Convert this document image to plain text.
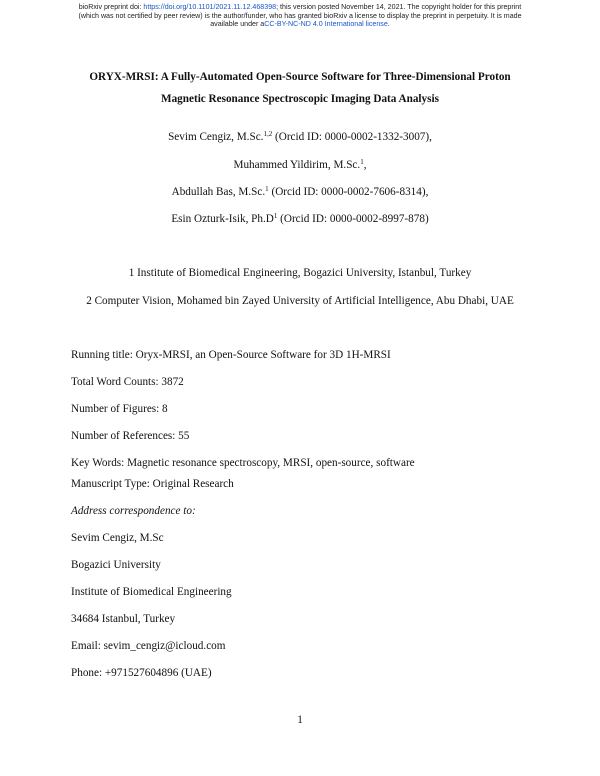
bioRxiv preprint doi: https://doi.org/10.1101/2021.11.12.468398; this version posted November 14, 2021. The copyright holder for this preprint
(which was not certified by peer review) is the author/funder, who has granted bioRxiv a license to display the preprint in perpetuity. It is made
available under aCC-BY-NC-ND 4.0 International license.
ORYX-MRSI: A Fully-Automated Open-Source Software for Three-Dimensional Proton
Magnetic Resonance Spectroscopic Imaging Data Analysis
Sevim Cengiz, M.Sc.$^{1,2}$ (Orcid ID: 0000-0002-1332-3007),
Muhammed Yildirim, M.Sc.$^1$,
Abdullah Bas, M.Sc.$^1$ (Orcid ID: 0000-0002-7606-8314),
Esin Ozturk-Isik, $Ph.D^1$ (Orcid ID: 0000-0002-8997-878)
1 Institute of Biomedical Engineering, Bogazici University, Istanbul, Turkey
2 Computer Vision, Mohamed bin Zayed University of Artificial Intelligence, Abu Dhabi, UAE
Running title: Oryx-MRSI, an Open-Source Software for 3D 1H-MRSI
Total Word Counts: 3872
Number of Figures: 8
Number of References: 55
Key Words: Magnetic resonance spectroscopy, MRSI, open-source, software
Manuscript Type: Original Research
Address correspondence to:
Sevim Cengiz, M.Sc
Bogazici University
Institute of Biomedical Engineering
34684 Istanbul, Turkey
Email: sevim_cengiz@icloud.com
Phone: +971527604896 (UAE)
1
